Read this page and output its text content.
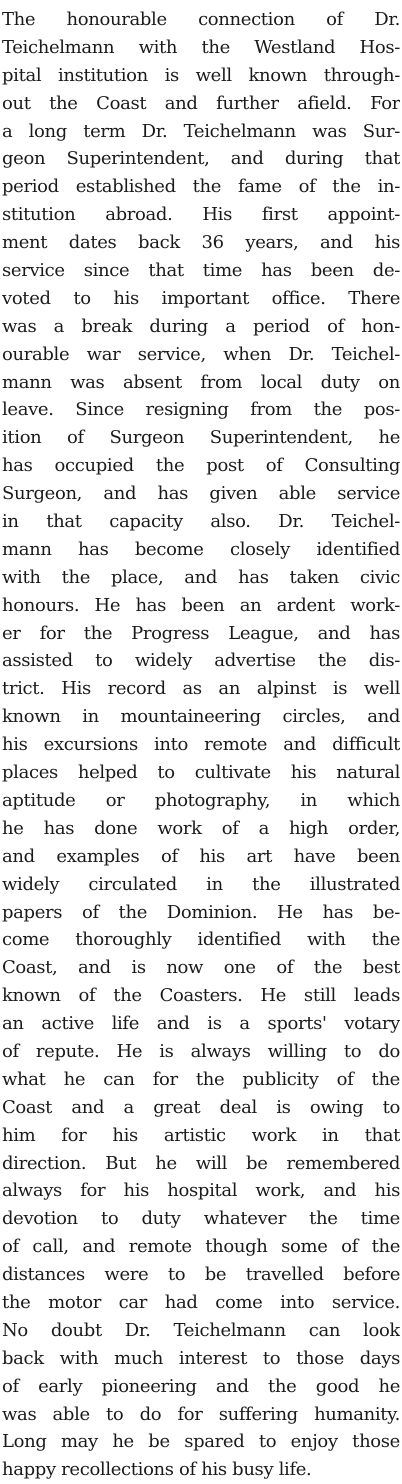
The honourable connection of Dr.
Teichelmann with the Westland Hos-
pital institution is well known through-
out the Coast and further afield. For
a long term Dr. Teichelmann was Sur-
geon Superintendent, and during that
period established the fame of the in-
stitution abroad. His first appoint-
ment dates back 36 years, and his
service since that time has been de-
voted to his important office. There
was a break during a period of hon-
ourable war service, when Dr. Teichel-
mann was absent from local duty on
leave. Since resigning from the pos-
ition of Surgeon Superintendent, he
has occupied the post of Consulting
Surgeon, and has given able service
in that capacity also. Dr. Teichel-
mann has become closely identified
with the place, and has taken civic
honours. He has been an ardent work-
er for the Progress League, and has
assisted to widely advertise the dis-
trict. His record as an alpinst is well
known in mountaineering circles, and
his excursions into remote and difficult
places helped to cultivate his natural
aptitude or photography, in which
he has done work of a high order,
and examples of his art have been
widely circulated in the illustrated
papers of the Dominion. He has be-
come thoroughly identified with the
Coast, and is now one of the best
known of the Coasters. He still leads
an active life and is a sports' votary
of repute. He is always willing to do
what he can for the publicity of the
Coast and a great deal is owing to
him for his artistic work in that
direction. But he will be remembered
always for his hospital work, and his
devotion to duty whatever the time
of call, and remote though some of the
distances were to be travelled before
the motor car had come into service.
No doubt Dr. Teichelmann can look
back with much interest to those days
of early pioneering and the good he
was able to do for suffering humanity.
Long may he be spared to enjoy those
happy recollections of his busy life.
